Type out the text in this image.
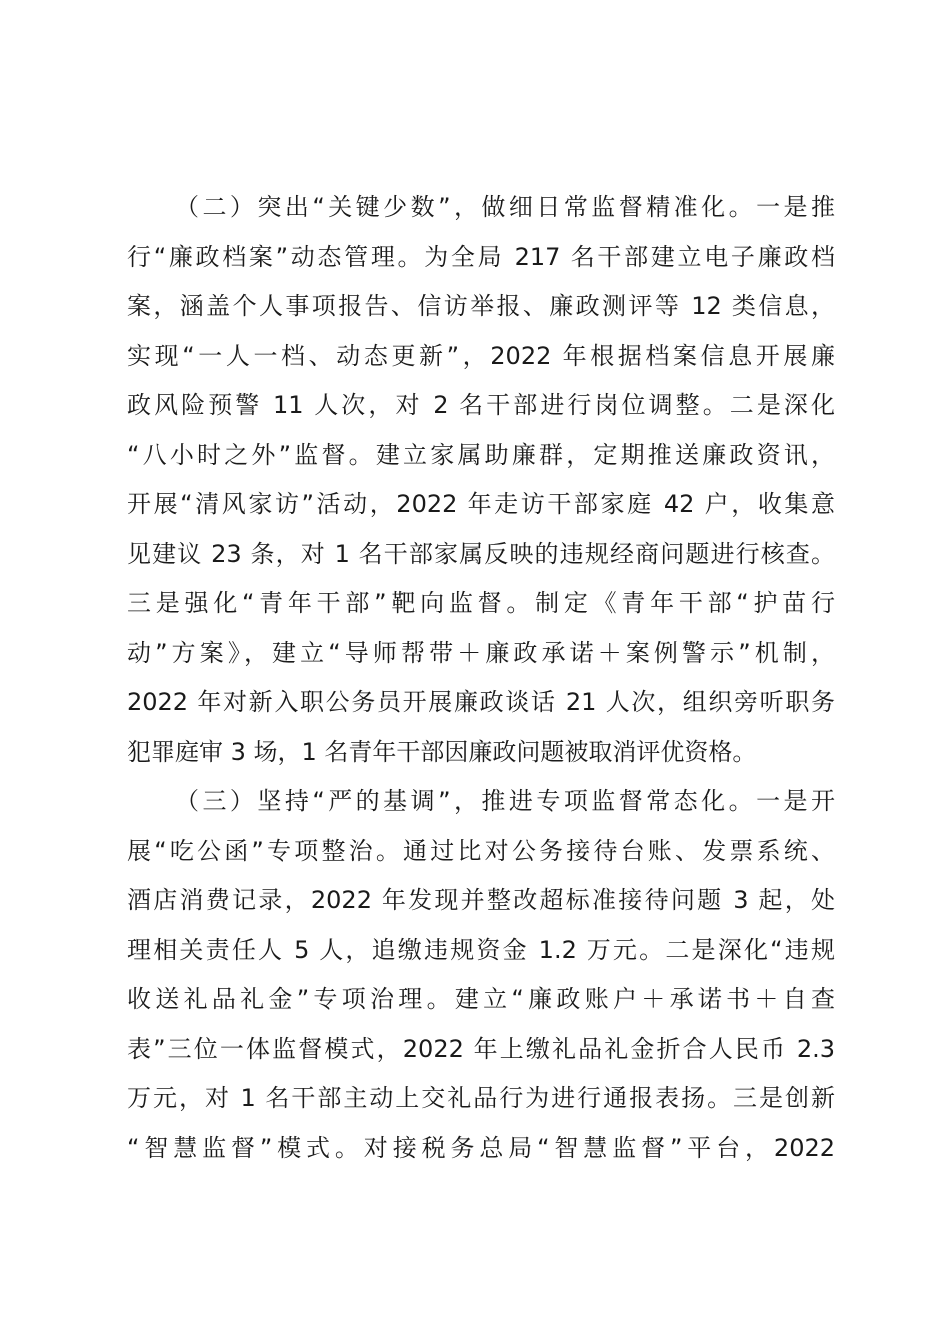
（二）突出“关键少数”，做细日常监督精准化。一是推
行“廉政档案”动态管理。为全局 217 名干部建立电子廉政档
案，涵盖个人事项报告、信访举报、廉政测评等 12 类信息，
实现“一人一档、动态更新”，2022 年根据档案信息开展廉
政风险预警 11 人次，对 2 名干部进行岗位调整。二是深化
“八小时之外”监督。建立家属助廉群，定期推送廉政资讯，
开展“清风家访”活动，2022 年走访干部家庭 42 户，收集意
见建议 23 条，对 1 名干部家属反映的违规经商问题进行核查。
三是强化“青年干部”靶向监督。制定《青年干部“护苗行
动”方案》，建立“导师帮带＋廉政承诺＋案例警示”机制，
2022 年对新入职公务员开展廉政谈话 21 人次，组织旁听职务
犯罪庭审 3 场，1 名青年干部因廉政问题被取消评优资格。
（三）坚持“严的基调”，推进专项监督常态化。一是开
展“吃公函”专项整治。通过比对公务接待台账、发票系统、
酒店消费记录，2022 年发现并整改超标准接待问题 3 起，处
理相关责任人 5 人，追缴违规资金 1.2 万元。二是深化“违规
收送礼品礼金”专项治理。建立“廉政账户＋承诺书＋自查
表”三位一体监督模式，2022 年上缴礼品礼金折合人民币 2.3
万元，对 1 名干部主动上交礼品行为进行通报表扬。三是创新
“智慧监督”模式。对接税务总局“智慧监督”平台，2022
